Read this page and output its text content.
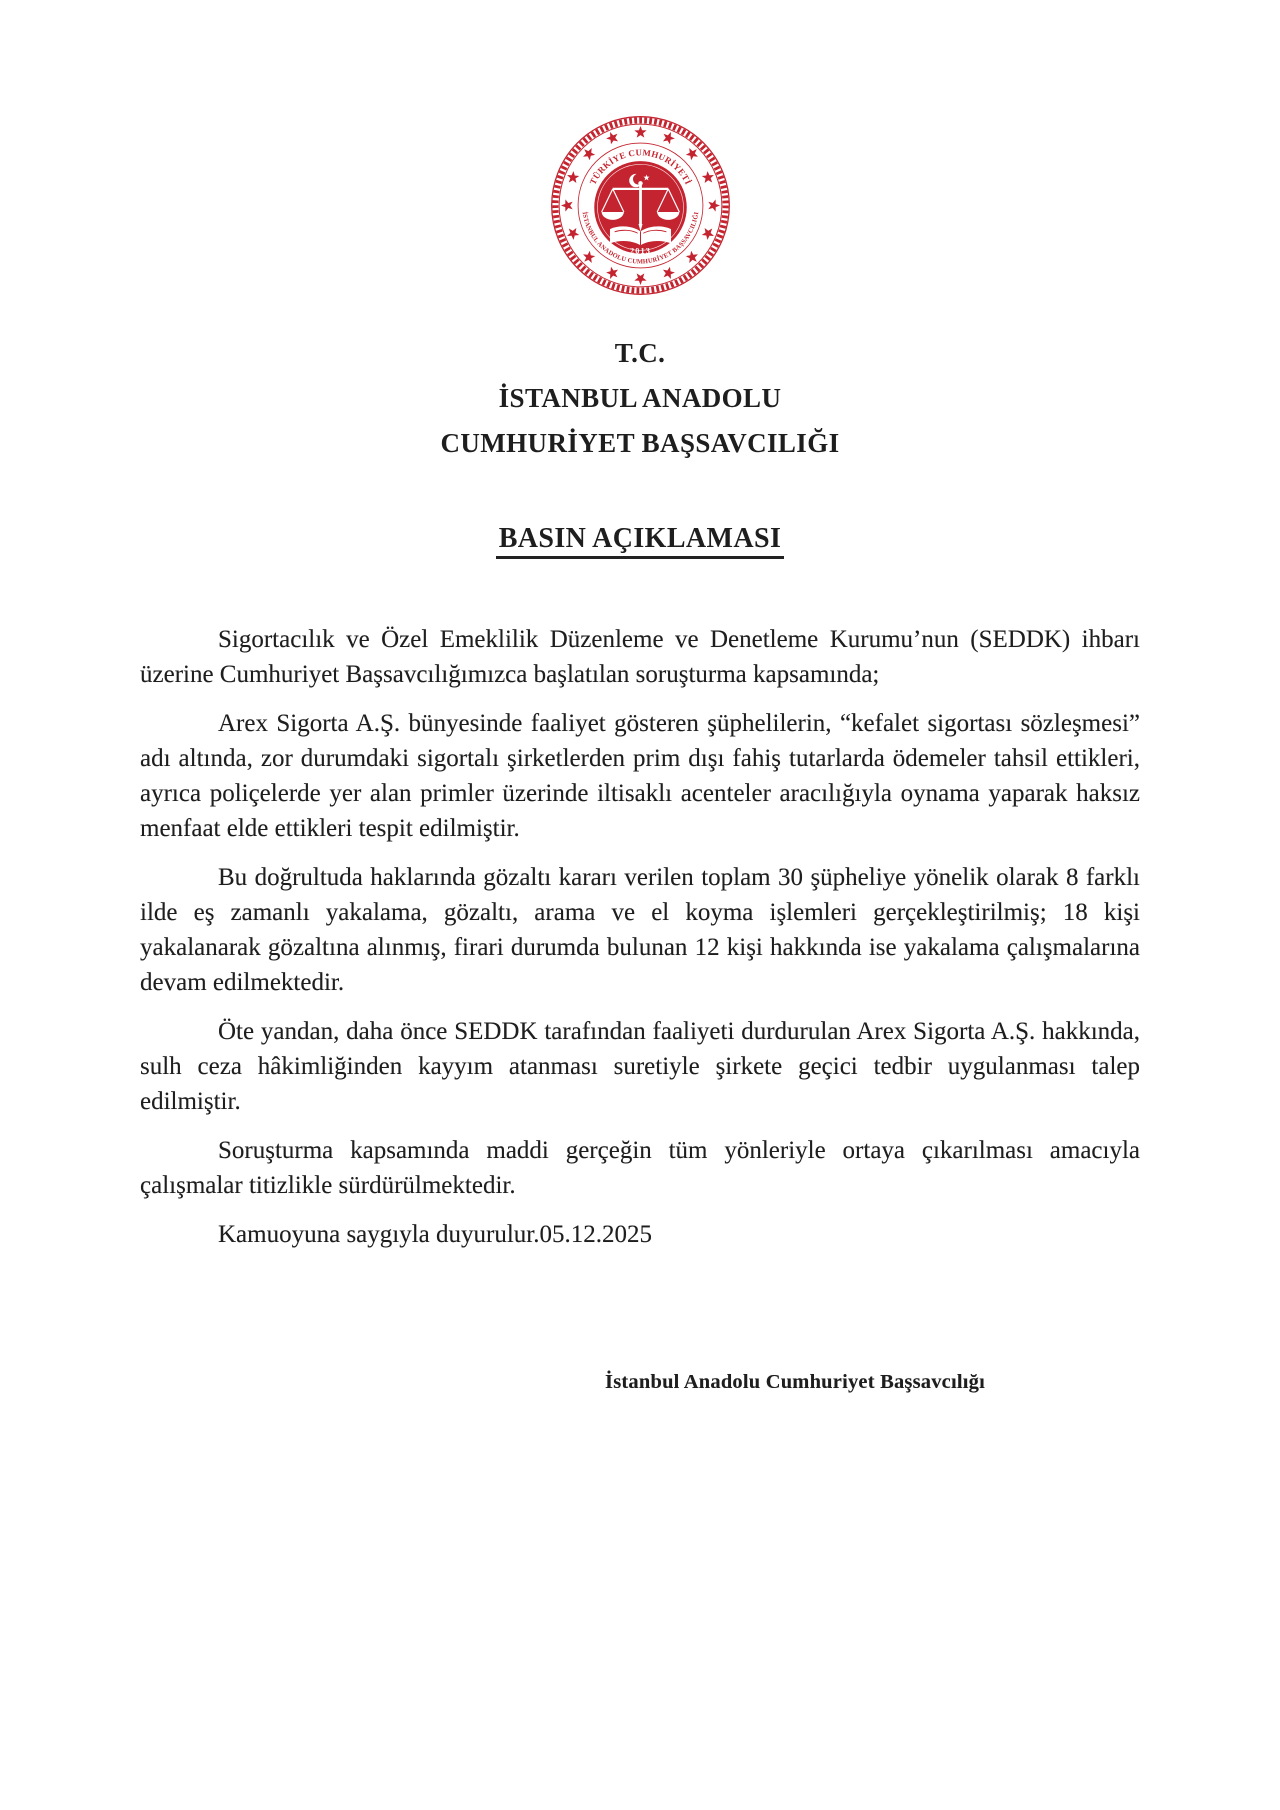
TÜRKİYE CUMHURİYETİ
İSTANBUL ANADOLU CUMHURİYET BAŞSAVCILIĞI
2013
T.C.
İSTANBUL ANADOLU
CUMHURİYET BAŞSAVCILIĞI
BASIN AÇIKLAMASI

Sigortacılık ve Özel Emeklilik Düzenleme ve Denetleme Kurumu’nun (SEDDK) ihbarı üzerine Cumhuriyet Başsavcılığımızca başlatılan soruşturma kapsamında;

Arex Sigorta A.Ş. bünyesinde faaliyet gösteren şüphelilerin, “kefalet sigortası sözleşmesi” adı altında, zor durumdaki sigortalı şirketlerden prim dışı fahiş tutarlarda ödemeler tahsil ettikleri, ayrıca poliçelerde yer alan primler üzerinde iltisaklı acenteler aracılığıyla oynama yaparak haksız menfaat elde ettikleri tespit edilmiştir.

Bu doğrultuda haklarında gözaltı kararı verilen toplam 30 şüpheliye yönelik olarak 8 farklı ilde eş zamanlı yakalama, gözaltı, arama ve el koyma işlemleri gerçekleştirilmiş; 18 kişi yakalanarak gözaltına alınmış, firari durumda bulunan 12 kişi hakkında ise yakalama çalışmalarına devam edilmektedir.

Öte yandan, daha önce SEDDK tarafından faaliyeti durdurulan Arex Sigorta A.Ş. hakkında, sulh ceza hâkimliğinden kayyım atanması suretiyle şirkete geçici tedbir uygulanması talep edilmiştir.

Soruşturma kapsamında maddi gerçeğin tüm yönleriyle ortaya çıkarılması amacıyla çalışmalar titizlikle sürdürülmektedir.

Kamuoyuna saygıyla duyurulur.05.12.2025

İstanbul Anadolu Cumhuriyet Başsavcılığı
